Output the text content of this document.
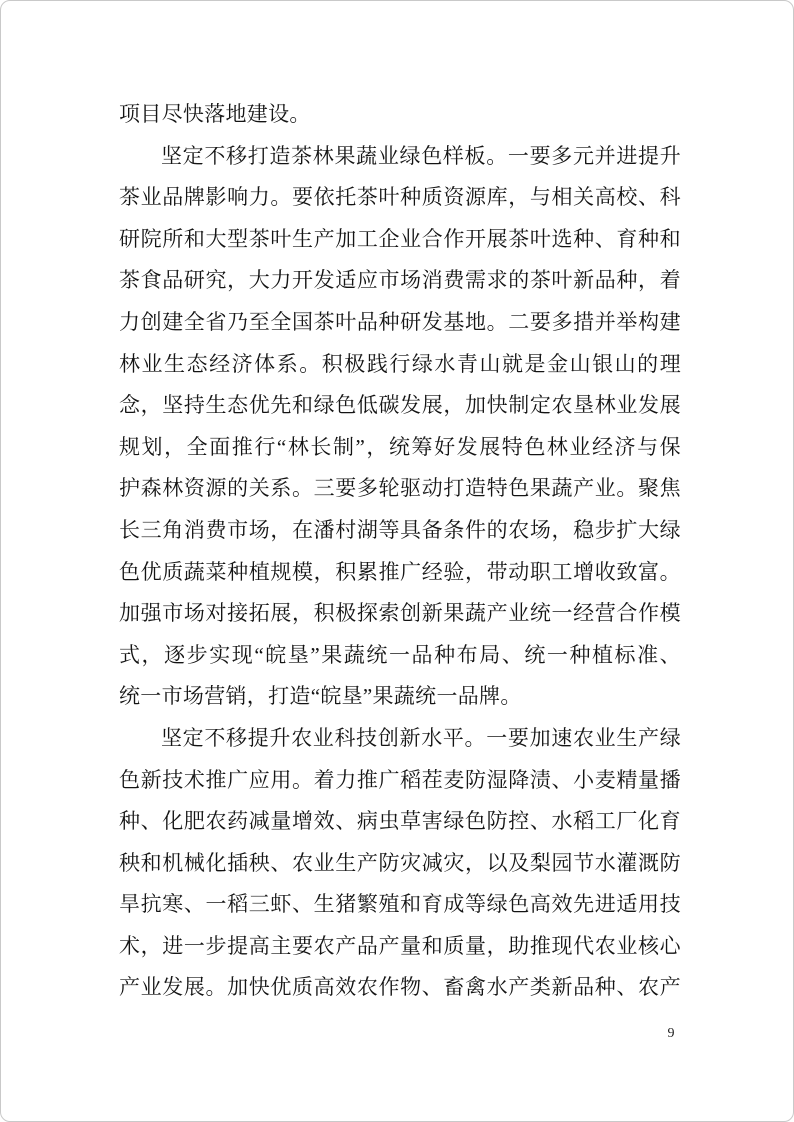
项目尽快落地建设。
坚定不移打造茶林果蔬业绿色样板。一要多元并进提升
茶业品牌影响力。要依托茶叶种质资源库，与相关高校、科
研院所和大型茶叶生产加工企业合作开展茶叶选种、育种和
茶食品研究，大力开发适应市场消费需求的茶叶新品种，着
力创建全省乃至全国茶叶品种研发基地。二要多措并举构建
林业生态经济体系。积极践行绿水青山就是金山银山的理
念，坚持生态优先和绿色低碳发展，加快制定农垦林业发展
规划，全面推行“林长制”，统筹好发展特色林业经济与保
护森林资源的关系。三要多轮驱动打造特色果蔬产业。聚焦
长三角消费市场，在潘村湖等具备条件的农场，稳步扩大绿
色优质蔬菜种植规模，积累推广经验，带动职工增收致富。
加强市场对接拓展，积极探索创新果蔬产业统一经营合作模
式，逐步实现“皖垦”果蔬统一品种布局、统一种植标准、
统一市场营销，打造“皖垦”果蔬统一品牌。
坚定不移提升农业科技创新水平。一要加速农业生产绿
色新技术推广应用。着力推广稻茬麦防湿降渍、小麦精量播
种、化肥农药减量增效、病虫草害绿色防控、水稻工厂化育
秧和机械化插秧、农业生产防灾减灾，以及梨园节水灌溉防
旱抗寒、一稻三虾、生猪繁殖和育成等绿色高效先进适用技
术，进一步提高主要农产品产量和质量，助推现代农业核心
产业发展。加快优质高效农作物、畜禽水产类新品种、农产
9
